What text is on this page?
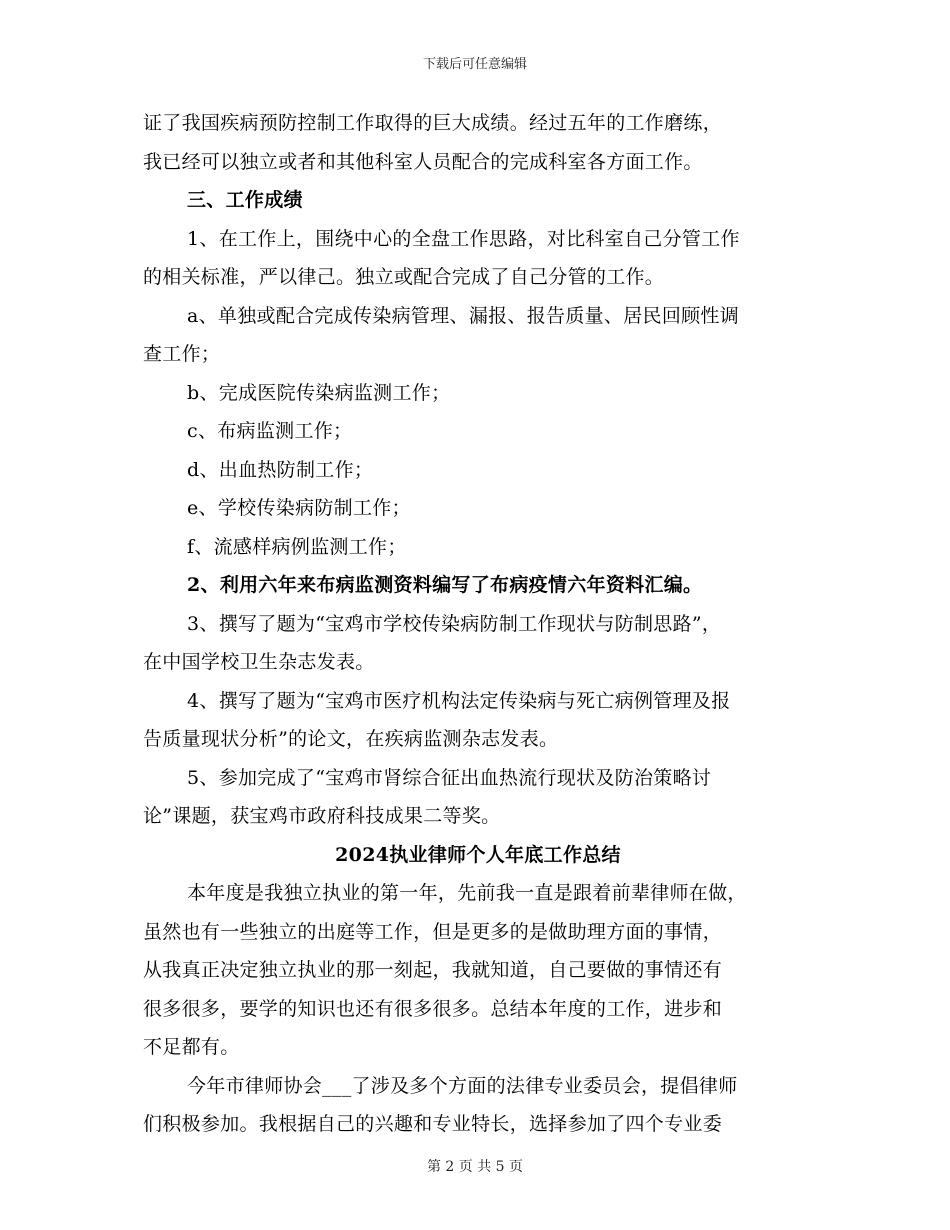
下载后可任意编辑
证了我国疾病预防控制工作取得的巨大成绩。经过五年的工作磨练，
我已经可以独立或者和其他科室人员配合的完成科室各方面工作。
三、工作成绩
1、在工作上，围绕中心的全盘工作思路，对比科室自己分管工作
的相关标准，严以律己。独立或配合完成了自己分管的工作。
a、单独或配合完成传染病管理、漏报、报告质量、居民回顾性调
查工作；
b、完成医院传染病监测工作；
c、布病监测工作；
d、出血热防制工作；
e、学校传染病防制工作；
f、流感样病例监测工作；
2、利用六年来布病监测资料编写了布病疫情六年资料汇编。
3、撰写了题为“宝鸡市学校传染病防制工作现状与防制思路”，
在中国学校卫生杂志发表。
4、撰写了题为“宝鸡市医疗机构法定传染病与死亡病例管理及报
告质量现状分析”的论文，在疾病监测杂志发表。
5、参加完成了“宝鸡市肾综合征出血热流行现状及防治策略讨
论”课题，获宝鸡市政府科技成果二等奖。
2024执业律师个人年底工作总结
本年度是我独立执业的第一年，先前我一直是跟着前辈律师在做，
虽然也有一些独立的出庭等工作，但是更多的是做助理方面的事情，
从我真正决定独立执业的那一刻起，我就知道，自己要做的事情还有
很多很多，要学的知识也还有很多很多。总结本年度的工作，进步和
不足都有。
今年市律师协会___了涉及多个方面的法律专业委员会，提倡律师
们积极参加。我根据自己的兴趣和专业特长，选择参加了四个专业委
第 2 页 共 5 页
